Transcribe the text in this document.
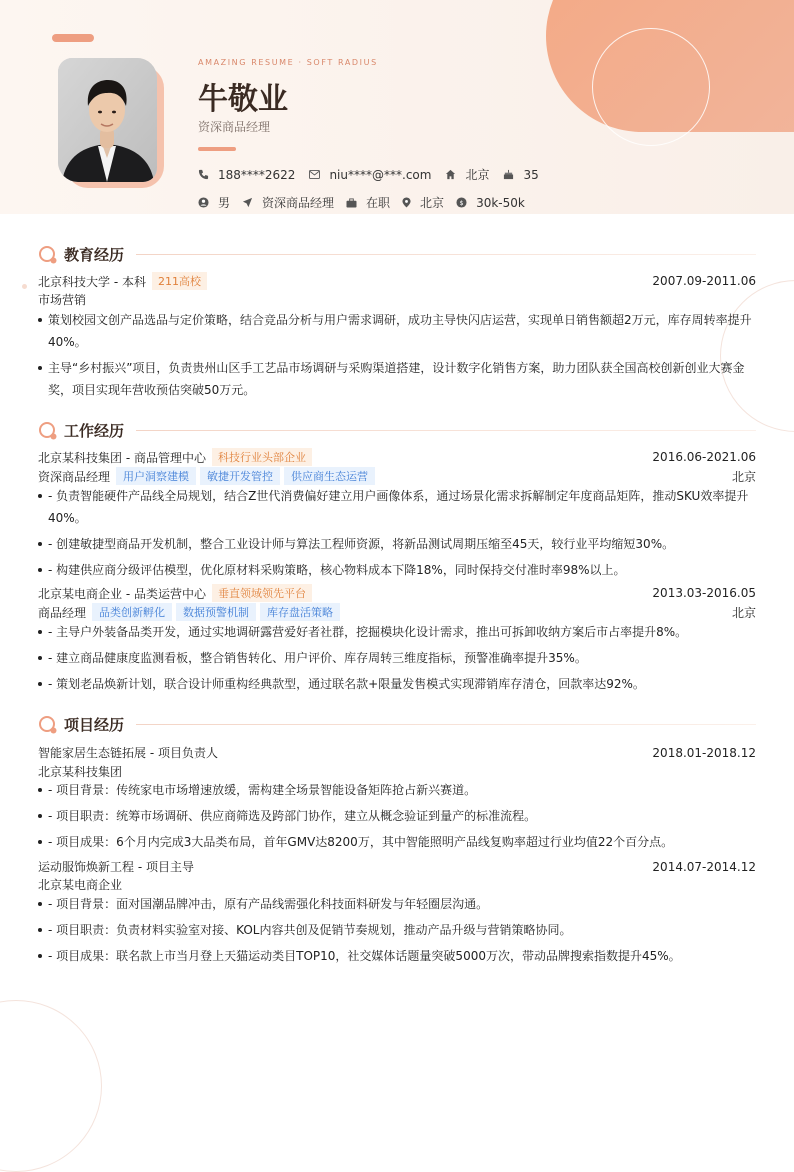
AMAZING RESUME · SOFT RADIUS
牛敬业
资深商品经理
188****2622	niu****@***.com	北京	35
男	资深商品经理	在职	北京 $ 30k-50k
教育经历
北京科技大学 - 本科	211高校	2007.09-2011.06
市场营销
策划校园文创产品选品与定价策略，结合竞品分析与用户需求调研，成功主导快闪店运营，实现单日销售额超2万元，库存周转率提升40%。
主导“乡村振兴”项目，负责贵州山区手工艺品市场调研与采购渠道搭建，设计数字化销售方案，助力团队获全国高校创新创业大赛金奖，项目实现年营收预估突破50万元。
工作经历
北京某科技集团 - 商品管理中心	科技行业头部企业	2016.06-2021.06
资深商品经理	用户洞察建模	敏捷开发管控	供应商生态运营	北京
- 负责智能硬件产品线全局规划，结合Z世代消费偏好建立用户画像体系，通过场景化需求拆解制定年度商品矩阵，推动SKU效率提升40%。
- 创建敏捷型商品开发机制，整合工业设计师与算法工程师资源，将新品测试周期压缩至45天，较行业平均缩短30%。
- 构建供应商分级评估模型，优化原材料采购策略，核心物料成本下降18%，同时保持交付准时率98%以上。
北京某电商企业 - 品类运营中心	垂直领域领先平台	2013.03-2016.05
商品经理	品类创新孵化	数据预警机制	库存盘活策略	北京
- 主导户外装备品类开发，通过实地调研露营爱好者社群，挖掘模块化设计需求，推出可拆卸收纳方案后市占率提升8%。
- 建立商品健康度监测看板，整合销售转化、用户评价、库存周转三维度指标，预警准确率提升35%。
- 策划老品焕新计划，联合设计师重构经典款型，通过联名款+限量发售模式实现滞销库存清仓，回款率达92%。
项目经历
智能家居生态链拓展 - 项目负责人	2018.01-2018.12
北京某科技集团
- 项目背景：传统家电市场增速放缓，需构建全场景智能设备矩阵抢占新兴赛道。
- 项目职责：统筹市场调研、供应商筛选及跨部门协作，建立从概念验证到量产的标准流程。
- 项目成果：6个月内完成3大品类布局，首年GMV达8200万，其中智能照明产品线复购率超过行业均值22个百分点。
运动服饰焕新工程 - 项目主导	2014.07-2014.12
北京某电商企业
- 项目背景：面对国潮品牌冲击，原有产品线需强化科技面料研发与年轻圈层沟通。
- 项目职责：负责材料实验室对接、KOL内容共创及促销节奏规划，推动产品升级与营销策略协同。
- 项目成果：联名款上市当月登上天猫运动类目TOP10，社交媒体话题量突破5000万次，带动品牌搜索指数提升45%。
